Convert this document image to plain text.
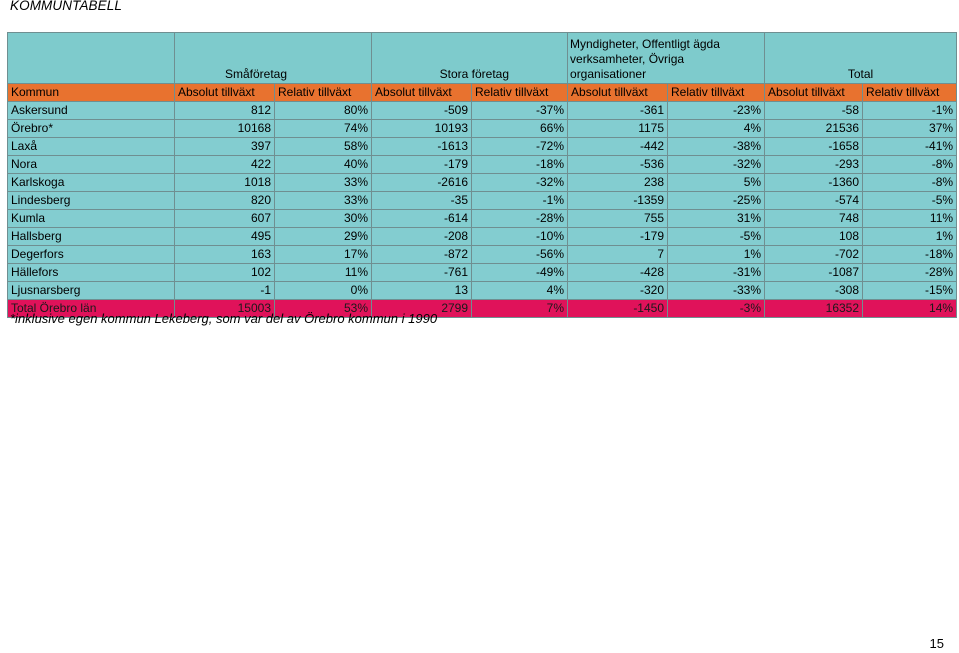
KOMMUNTABELL
	Småföretag		Stora företag		Myndigheter, Offentligt ägda verksamheter, Övriga organisationer		Total	
Kommun	Absolut tillväxt	Relativ tillväxt	Absolut tillväxt	Relativ tillväxt	Absolut tillväxt	Relativ tillväxt	Absolut tillväxt	Relativ tillväxt
Askersund	812	80%	-509	-37%	-361	-23%	-58	-1%
Örebro*	10168	74%	10193	66%	1175	4%	21536	37%
Laxå	397	58%	-1613	-72%	-442	-38%	-1658	-41%
Nora	422	40%	-179	-18%	-536	-32%	-293	-8%
Karlskoga	1018	33%	-2616	-32%	238	5%	-1360	-8%
Lindesberg	820	33%	-35	-1%	-1359	-25%	-574	-5%
Kumla	607	30%	-614	-28%	755	31%	748	11%
Hallsberg	495	29%	-208	-10%	-179	-5%	108	1%
Degerfors	163	17%	-872	-56%	7	1%	-702	-18%
Hällefors	102	11%	-761	-49%	-428	-31%	-1087	-28%
Ljusnarsberg	-1	0%	13	4%	-320	-33%	-308	-15%
Total Örebro län	15003	53%	2799	7%	-1450	-3%	16352	14%
*inklusive egen kommun Lekeberg, som var del av Örebro kommun i 1990
15
